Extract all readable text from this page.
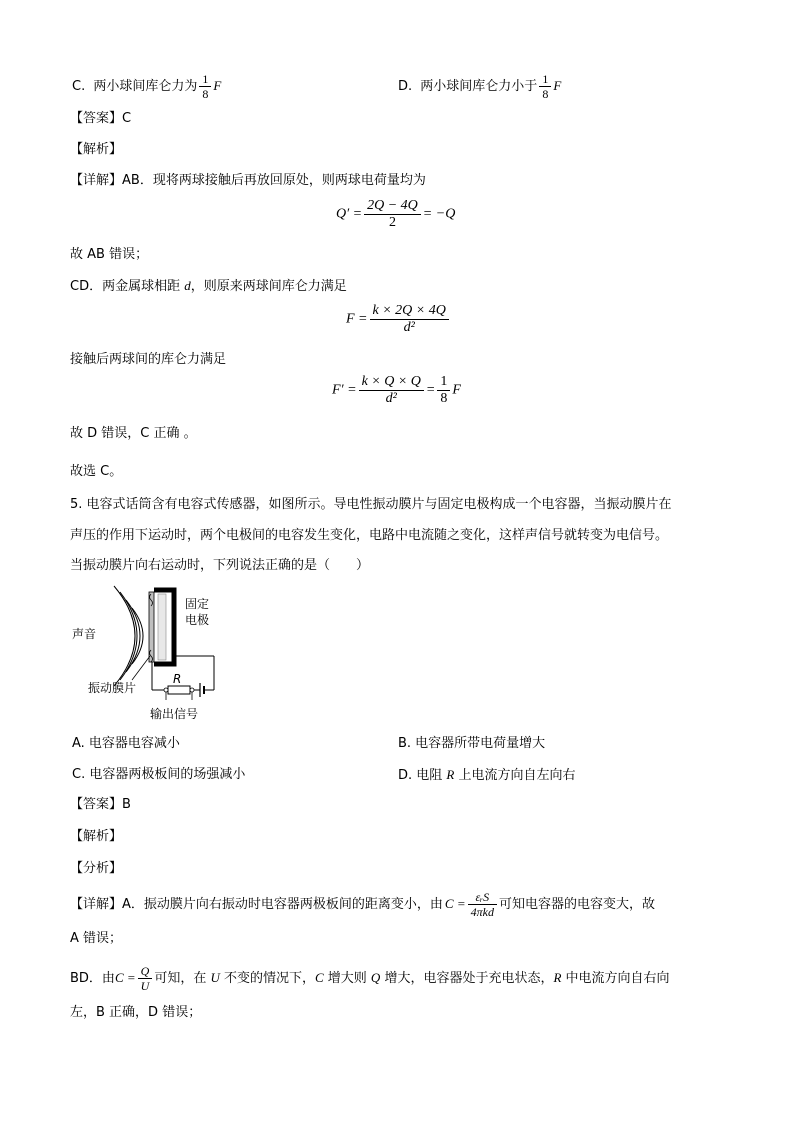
C. 两小球间库仑力为 $\frac{1}{8}$ F	D. 两小球间库仑力小于 $\frac{1}{8}$ F
【答案】C
【解析】
【详解】AB．现将两球接触后再放回原处，则两球电荷量均为
$Q' = \frac{2Q - 4Q}{2} = -Q$
故 AB 错误；
CD．两金属球相距 d，则原来两球间库仑力满足
$F = \frac{k \times 2Q \times 4Q}{\text{d²}}$
接触后两球间的库仑力满足
$F' = \frac{k \times Q \times Q}{\text{d²}} = \frac{1}{8}$ F
故 D 错误，C 正确 。
故选 C。
5. 电容式话筒含有电容式传感器，如图所示。导电性振动膜片与固定电极构成一个电容器，当振动膜片在
声压的作用下运动时，两个电极间的电容发生变化，电路中电流随之变化，这样声信号就转变为电信号。
当振动膜片向右运动时，下列说法正确的是（　　）
声音
固定
电极
R
振动膜片
输出信号
A. 电容器电容减小	B. 电容器所带电荷量增大
C. 电容器两极板间的场强减小	D. 电阻 R 上电流方向自左向右
【答案】B
【解析】
【分析】
【详解】A．振动膜片向右振动时电容器两极板间的距离变小，由 $C = \frac{\text{εᵣS}}{\text{4πkd}}$ 可知电容器的电容变大，故
A 错误；
BD．由$C = \frac{Q}{U}$ 可知，在 U 不变的情况下，C 增大则 Q 增大，电容器处于充电状态，R 中电流方向自右向
左，B 正确，D 错误；
